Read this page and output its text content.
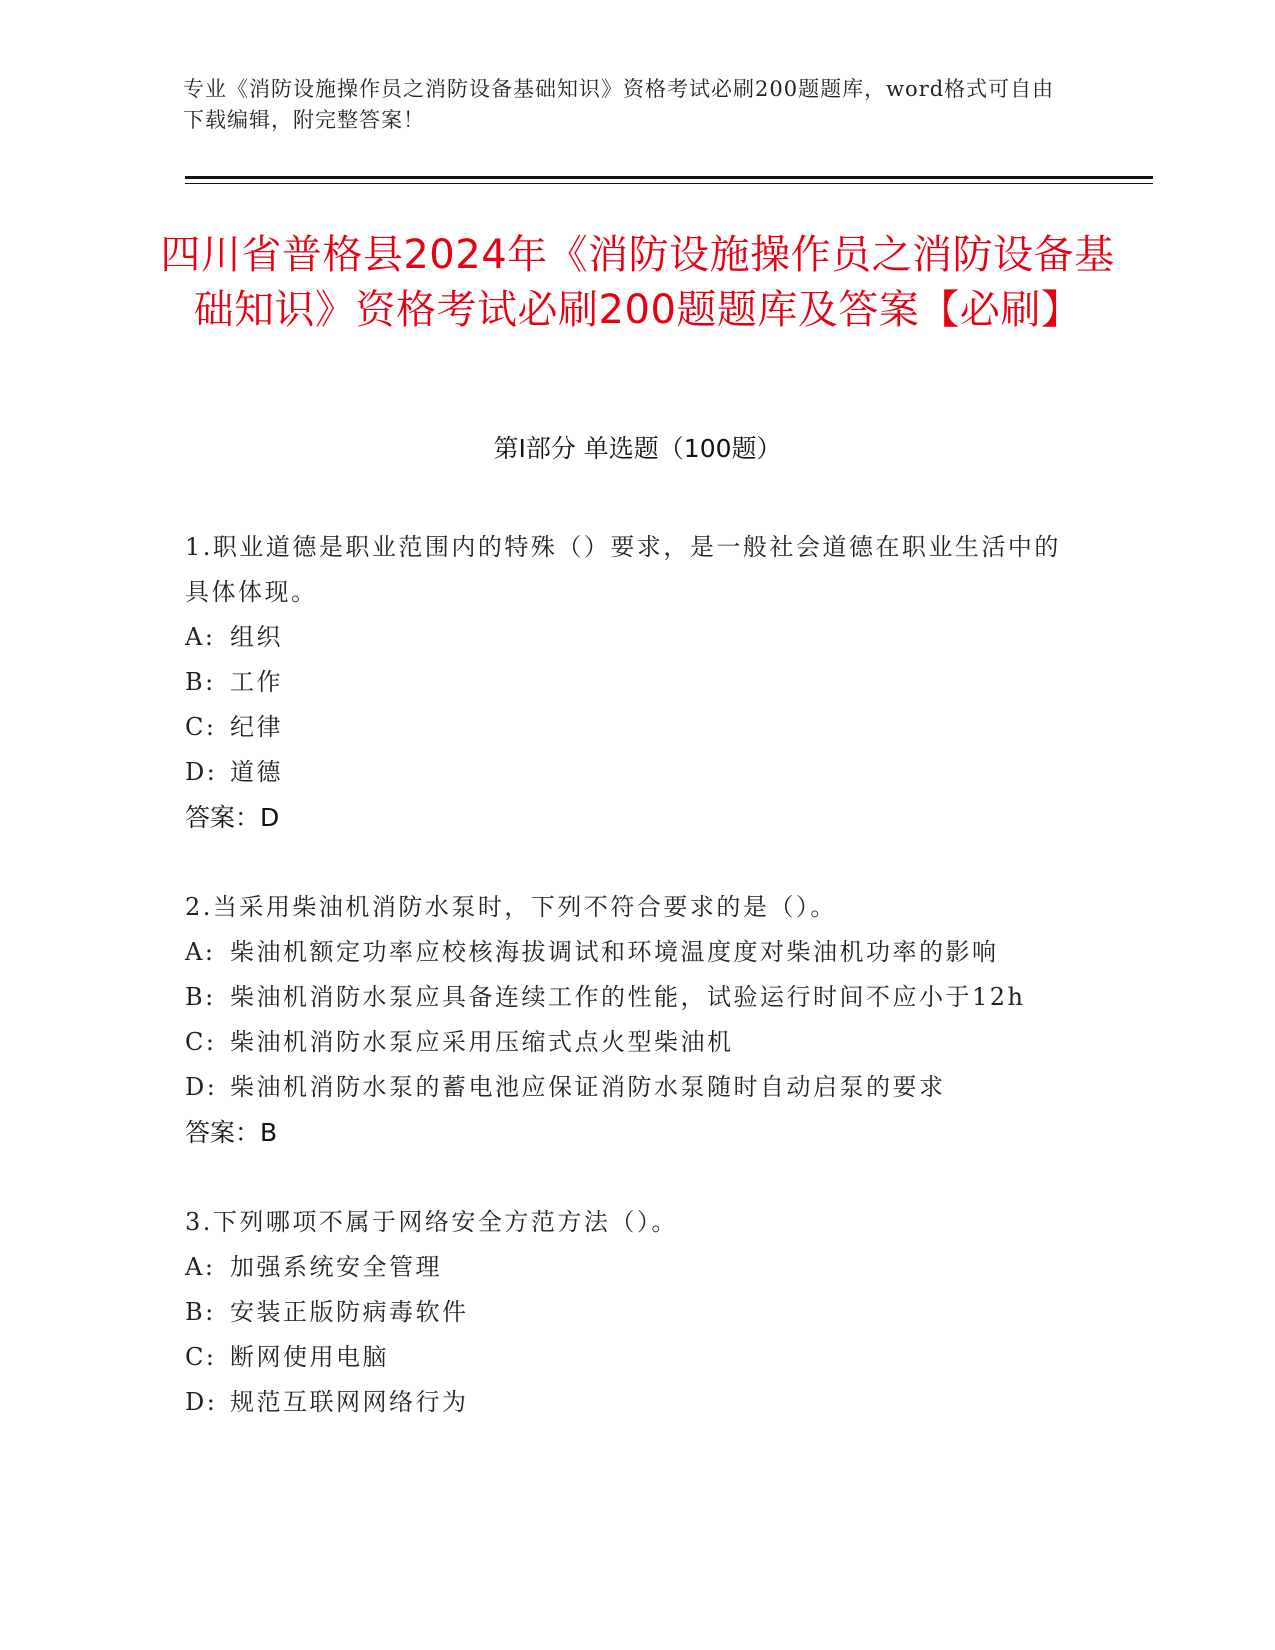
专业《消防设施操作员之消防设备基础知识》资格考试必刷200题题库，word格式可自由下载编辑，附完整答案！
四川省普格县2024年《消防设施操作员之消防设备基础知识》资格考试必刷200题题库及答案【必刷】
第Ⅰ部分 单选题（100题）

1.职业道德是职业范围内的特殊（）要求，是一般社会道德在职业生活中的具体体现。

A: 组织

B: 工作

C: 纪律

D: 道德

答案：D

2.当采用柴油机消防水泵时，下列不符合要求的是（）。

A: 柴油机额定功率应校核海拔调试和环境温度度对柴油机功率的影响

B: 柴油机消防水泵应具备连续工作的性能，试验运行时间不应小于12h

C: 柴油机消防水泵应采用压缩式点火型柴油机

D: 柴油机消防水泵的蓄电池应保证消防水泵随时自动启泵的要求

答案：B

3.下列哪项不属于网络安全方范方法（）。

A: 加强系统安全管理

B: 安装正版防病毒软件

C: 断网使用电脑

D: 规范互联网网络行为
